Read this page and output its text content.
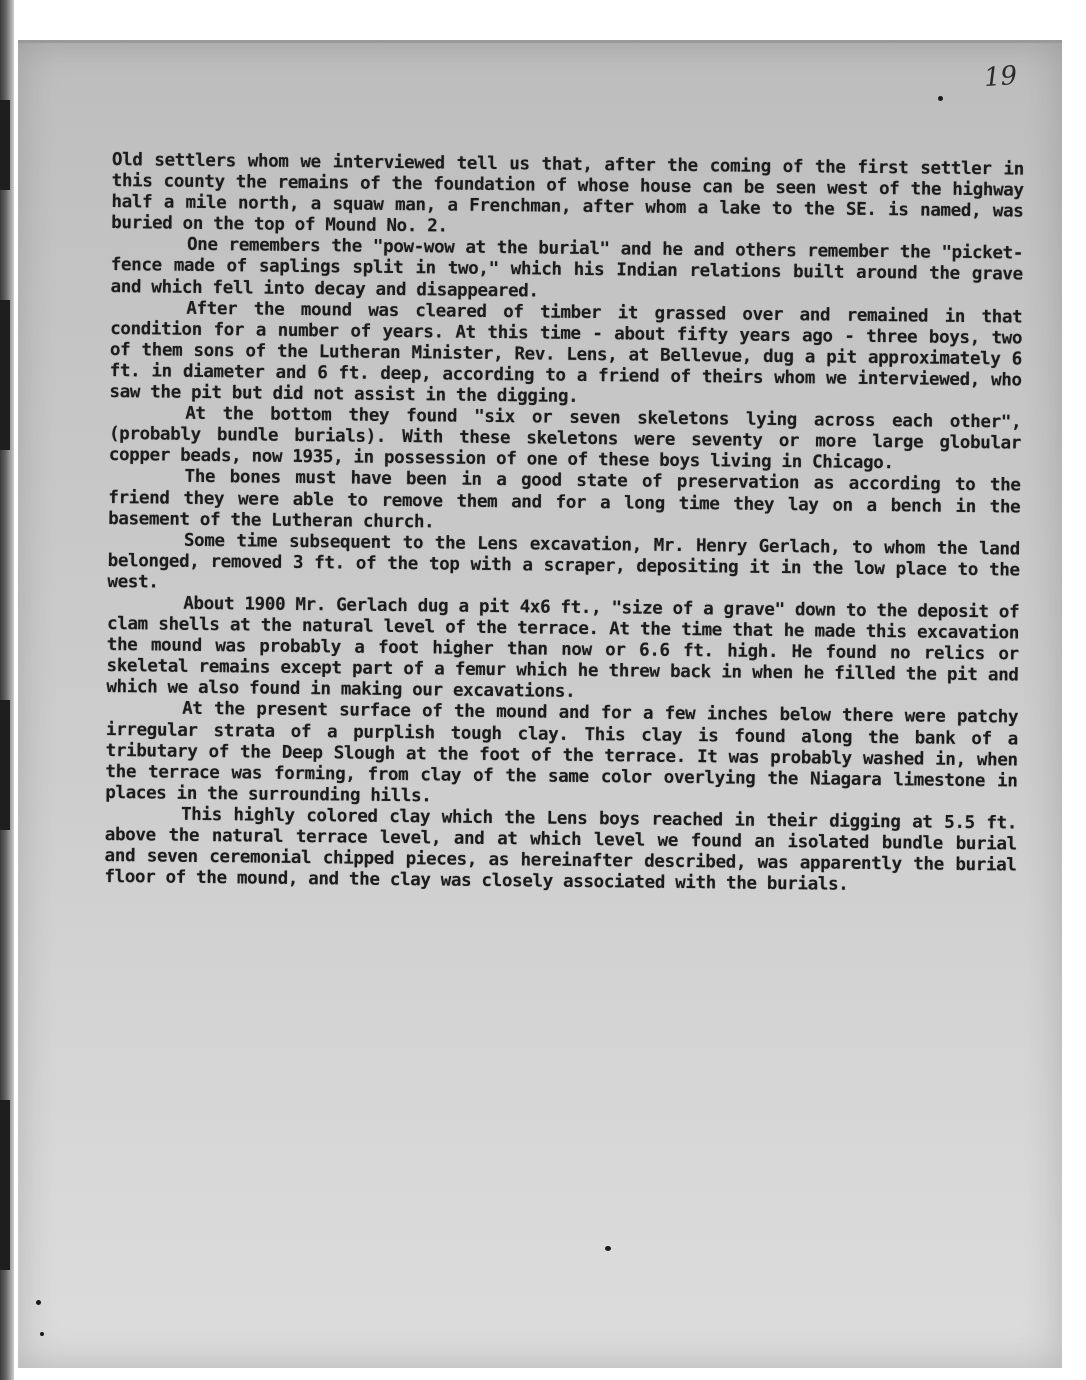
19

Old settlers whom we interviewed tell us that, after the coming of the first settler in this county the remains of the foundation of whose house can be seen west of the highway half a mile north, a squaw man, a Frenchman, after whom a lake to the SE. is named, was buried on the top of Mound No. 2.

One remembers the "pow-wow at the burial" and he and others remember the "picket-fence made of saplings split in two," which his Indian relations built around the grave and which fell into decay and disappeared.

After the mound was cleared of timber it grassed over and remained in that condition for a number of years. At this time - about fifty years ago - three boys, two of them sons of the Lutheran Minister, Rev. Lens, at Bellevue, dug a pit approximately 6 ft. in diameter and 6 ft. deep, according to a friend of theirs whom we interviewed, who saw the pit but did not assist in the digging.

At the bottom they found "six or seven skeletons lying across each other", (probably bundle burials). With these skeletons were seventy or more large globular copper beads, now 1935, in possession of one of these boys living in Chicago.

The bones must have been in a good state of preservation as according to the friend they were able to remove them and for a long time they lay on a bench in the basement of the Lutheran church.

Some time subsequent to the Lens excavation, Mr. Henry Gerlach, to whom the land belonged, removed 3 ft. of the top with a scraper, depositing it in the low place to the west.

About 1900 Mr. Gerlach dug a pit 4x6 ft., "size of a grave" down to the deposit of clam shells at the natural level of the terrace. At the time that he made this excavation the mound was probably a foot higher than now or 6.6 ft. high. He found no relics or skeletal remains except part of a femur which he threw back in when he filled the pit and which we also found in making our excavations.

At the present surface of the mound and for a few inches below there were patchy irregular strata of a purplish tough clay. This clay is found along the bank of a tributary of the Deep Slough at the foot of the terrace. It was probably washed in, when the terrace was forming, from clay of the same color overlying the Niagara limestone in places in the surrounding hills.

This highly colored clay which the Lens boys reached in their digging at 5.5 ft. above the natural terrace level, and at which level we found an isolated bundle burial and seven ceremonial chipped pieces, as hereinafter described, was apparently the burial floor of the mound, and the clay was closely associated with the burials.
